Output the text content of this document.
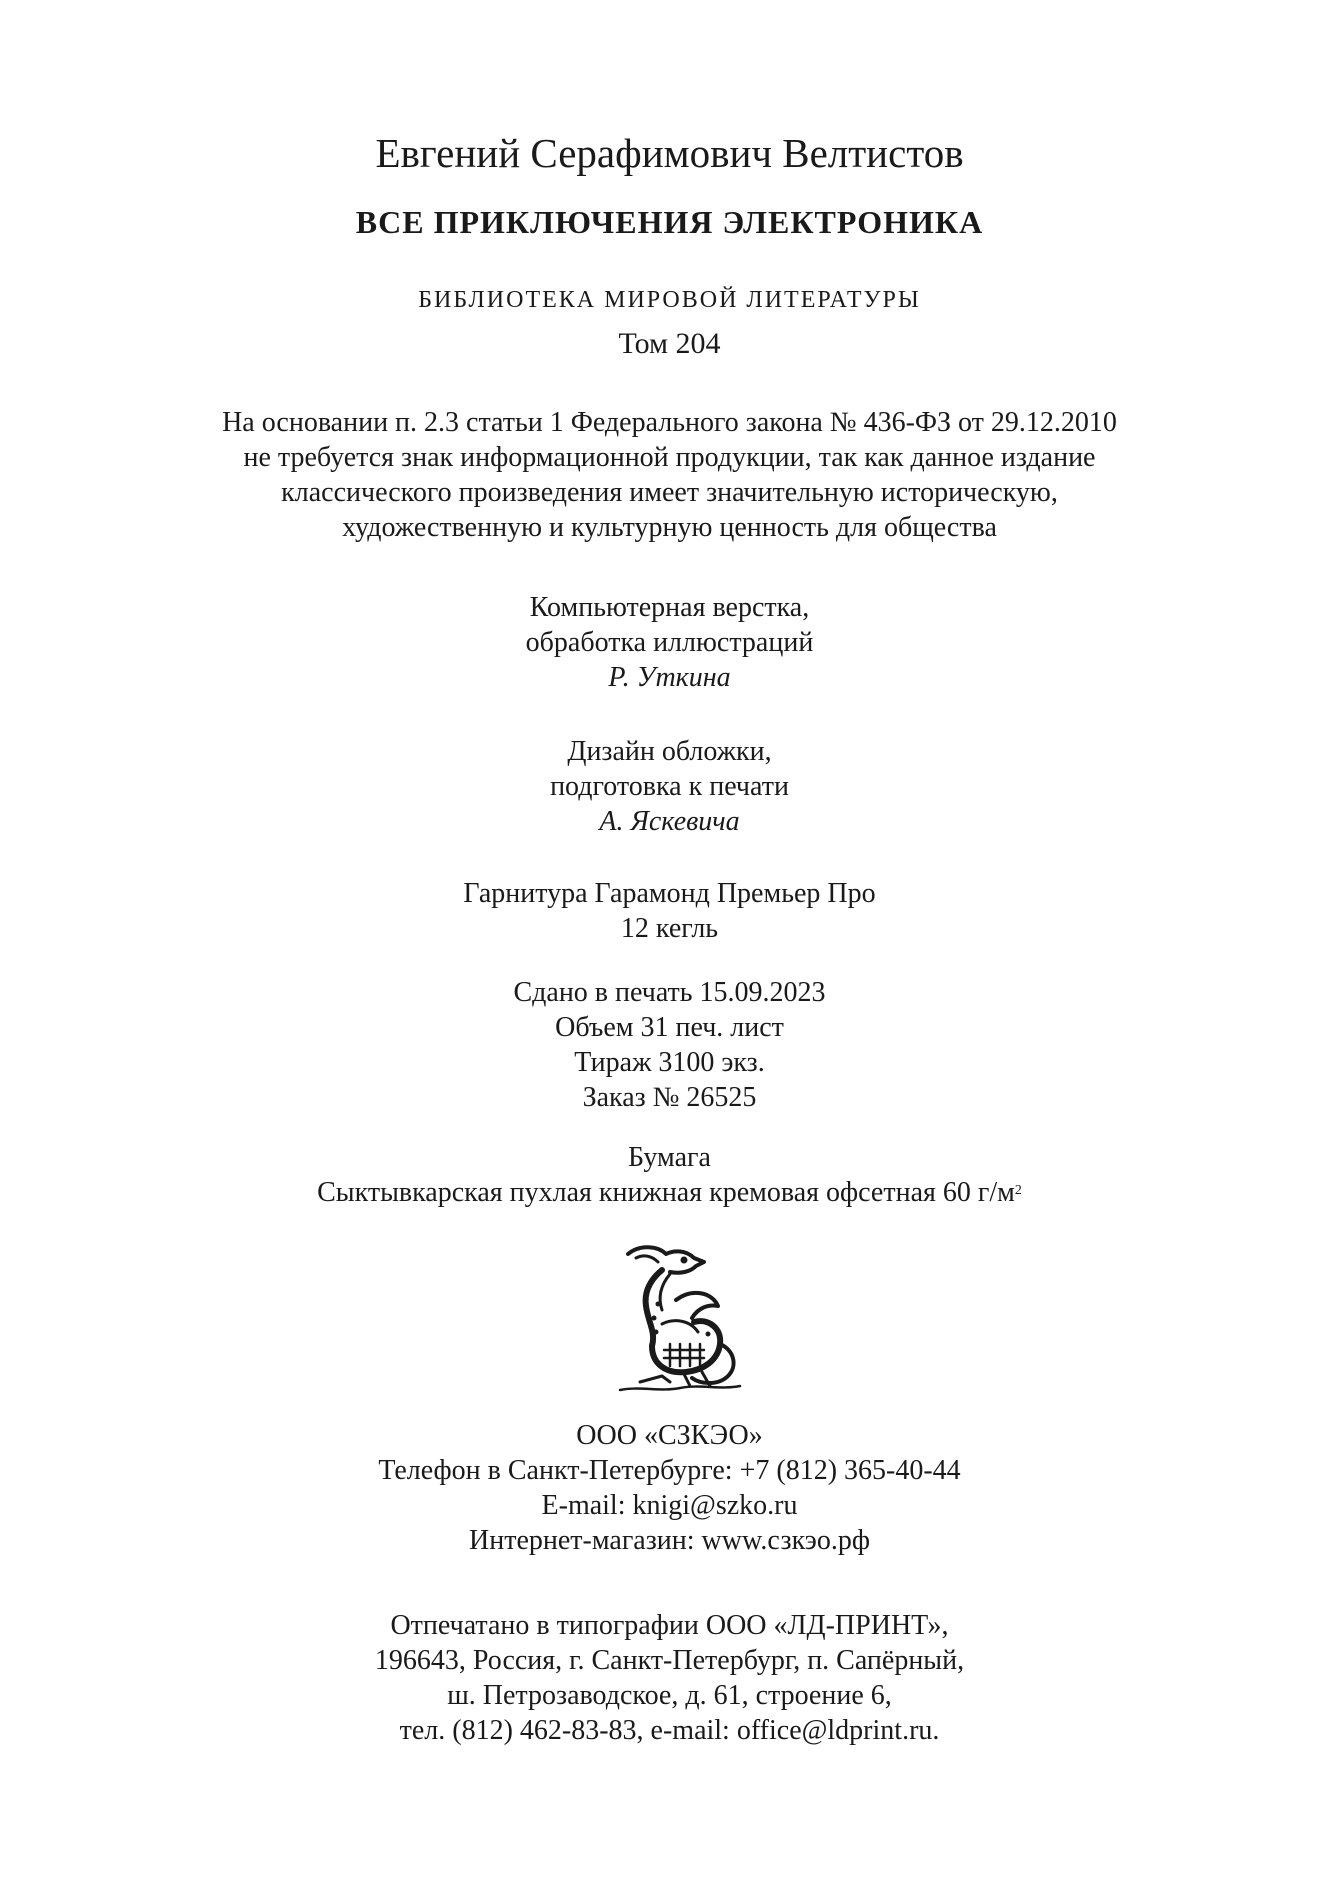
Евгений Серафимович Велтистов
ВСЕ ПРИКЛЮЧЕНИЯ ЭЛЕКТРОНИКА
БИБЛИОТЕКА МИРОВОЙ ЛИТЕРАТУРЫ
Том 204
На основании п. 2.3 статьи 1 Федерального закона № 436-ФЗ от 29.12.2010
не требуется знак информационной продукции, так как данное издание
классического произведения имеет значительную историческую,
художественную и культурную ценность для общества
Компьютерная верстка,
обработка иллюстраций
Р. Уткина
Дизайн обложки,
подготовка к печати
А. Яскевича
Гарнитура Гарамонд Премьер Про
12 кегль
Сдано в печать 15.09.2023
Объем 31 печ. лист
Тираж 3100 экз.
Заказ № 26525
Бумага
Сыктывкарская пухлая книжная кремовая офсетная 60 $г/м^2$
ООО «СЗКЭО»
Телефон в Санкт-Петербурге: +7 (812) 365-40-44
E-mail: knigi@szko.ru
Интернет-магазин: www.сзкэо.рф
Отпечатано в типографии ООО «ЛД-ПРИНТ»,
196643, Россия, г. Санкт-Петербург, п. Сапёрный,
ш. Петрозаводское, д. 61, строение 6,
тел. (812) 462-83-83, e-mail: office@ldprint.ru.
